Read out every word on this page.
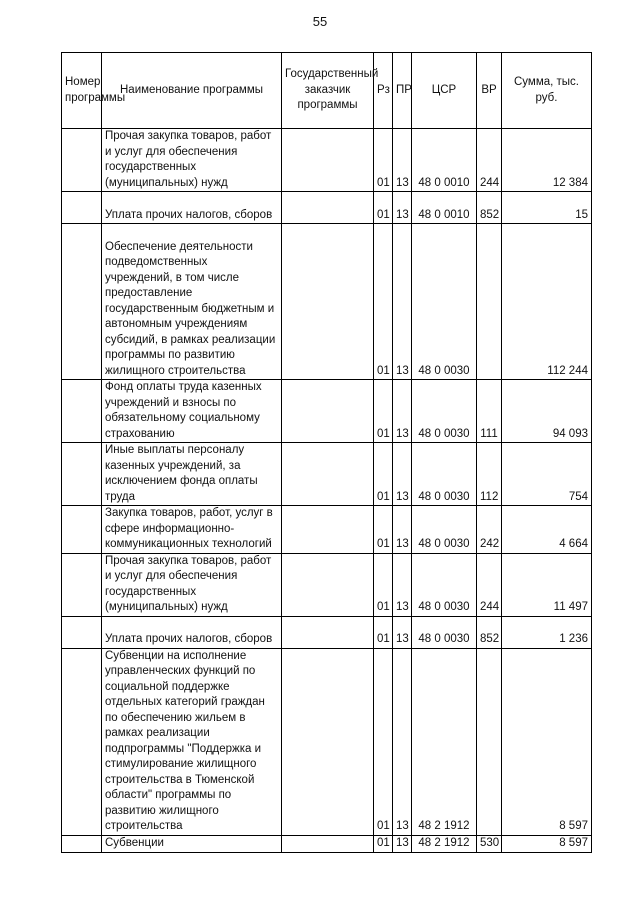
55
Номер программы	Наименование программы	Государственный заказчик программы	Рз	ПР	ЦСР	ВР	Сумма, тыс. руб.
	Прочая закупка товаров, работ и услуг для обеспечения государственных (муниципальных) нужд		01	13	48 0 0010	244	12 384
	Уплата прочих налогов, сборов		01	13	48 0 0010	852	15
	Обеспечение деятельности подведомственных учреждений, в том числе предоставление государственным бюджетным и автономным учреждениям субсидий, в рамках реализации программы по развитию жилищного строительства		01	13	48 0 0030		112 244
	Фонд оплаты труда казенных учреждений и взносы по обязательному социальному страхованию		01	13	48 0 0030	111	94 093
	Иные выплаты персоналу казенных учреждений, за исключением фонда оплаты труда		01	13	48 0 0030	112	754
	Закупка товаров, работ, услуг в сфере информационно-коммуникационных технологий		01	13	48 0 0030	242	4 664
	Прочая закупка товаров, работ и услуг для обеспечения государственных (муниципальных) нужд		01	13	48 0 0030	244	11 497
	Уплата прочих налогов, сборов		01	13	48 0 0030	852	1 236
	Субвенции на исполнение управленческих функций по социальной поддержке отдельных категорий граждан по обеспечению жильем в рамках реализации подпрограммы "Поддержка и стимулирование жилищного строительства в Тюменской области" программы по развитию жилищного строительства		01	13	48 2 1912		8 597
	Субвенции		01	13	48 2 1912	530	8 597
